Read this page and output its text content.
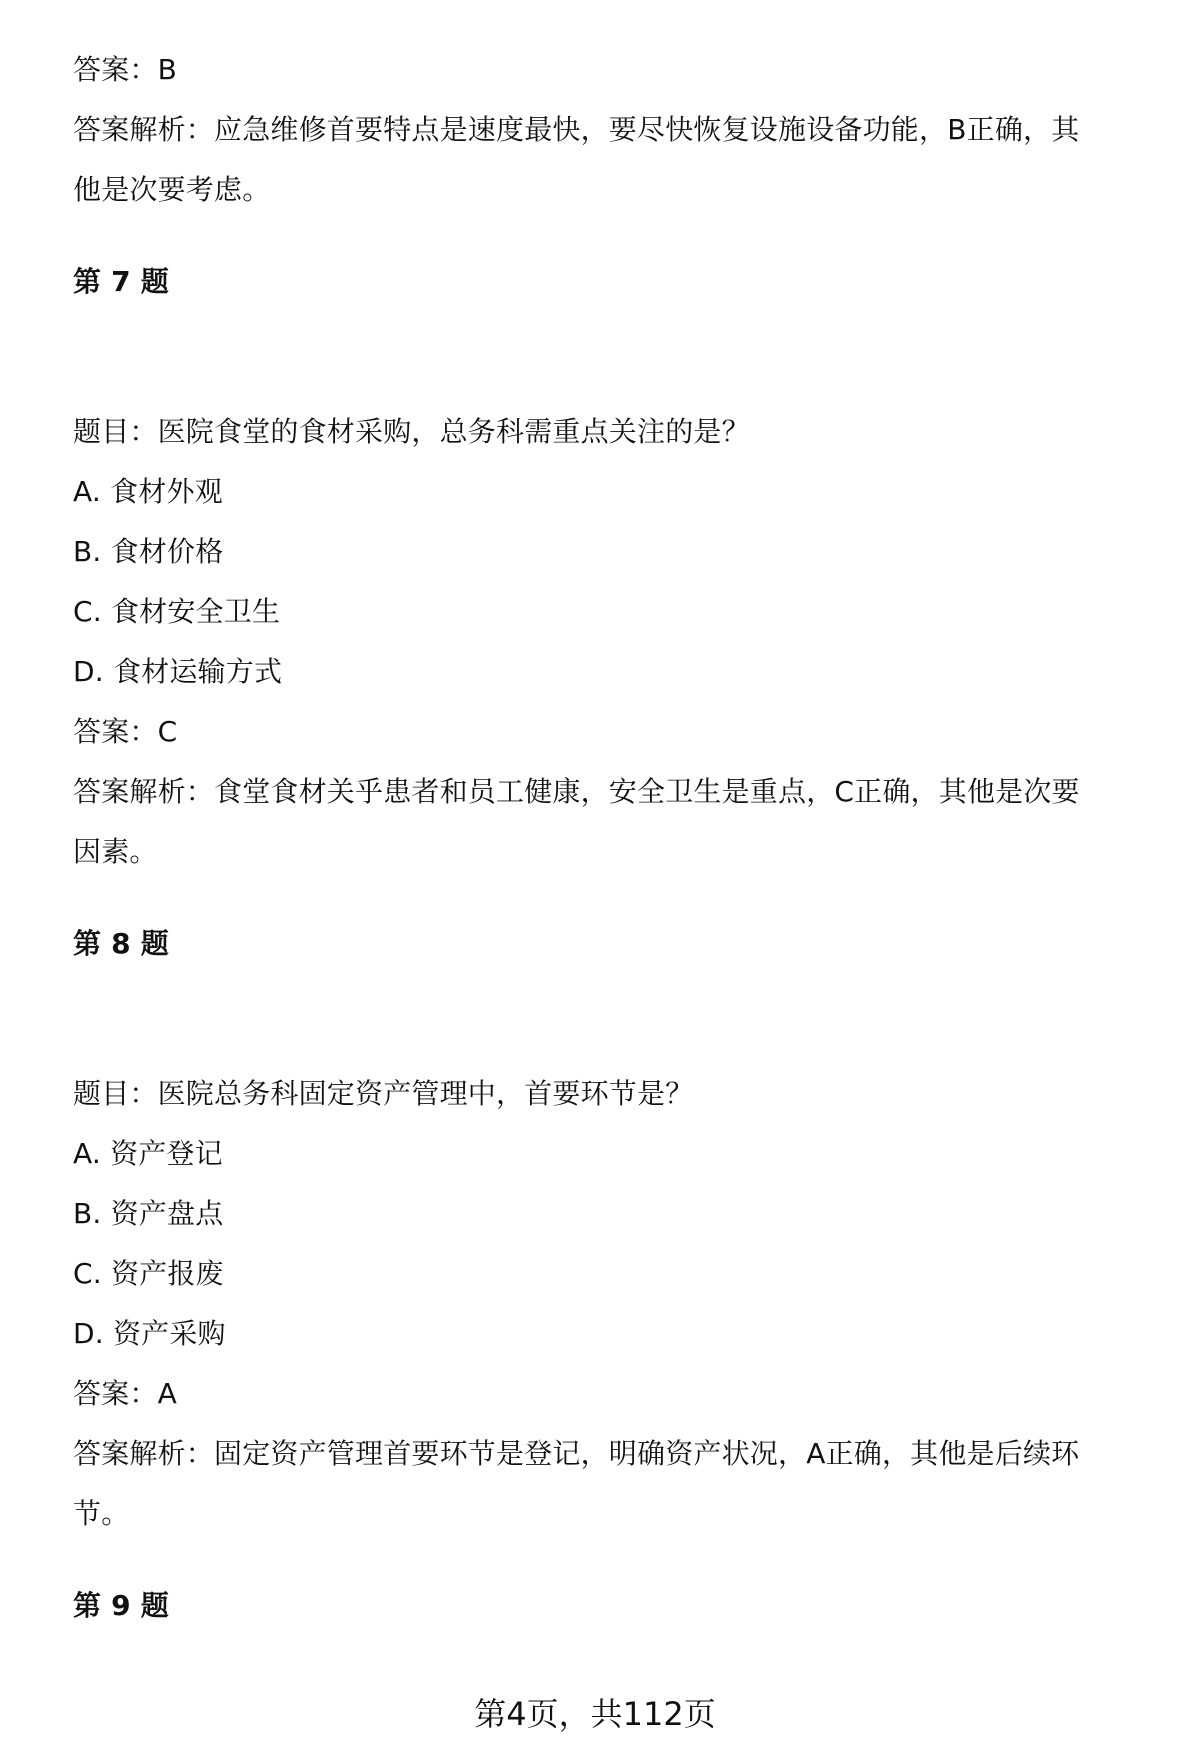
答案：B
答案解析：应急维修首要特点是速度最快，要尽快恢复设施设备功能，B正确，其
他是次要考虑。
第 7 题
题目：医院食堂的食材采购，总务科需重点关注的是？
A. 食材外观
B. 食材价格
C. 食材安全卫生
D. 食材运输方式
答案：C
答案解析：食堂食材关乎患者和员工健康，安全卫生是重点，C正确，其他是次要
因素。
第 8 题
题目：医院总务科固定资产管理中，首要环节是？
A. 资产登记
B. 资产盘点
C. 资产报废
D. 资产采购
答案：A
答案解析：固定资产管理首要环节是登记，明确资产状况，A正确，其他是后续环
节。
第 9 题
第4页，共112页
